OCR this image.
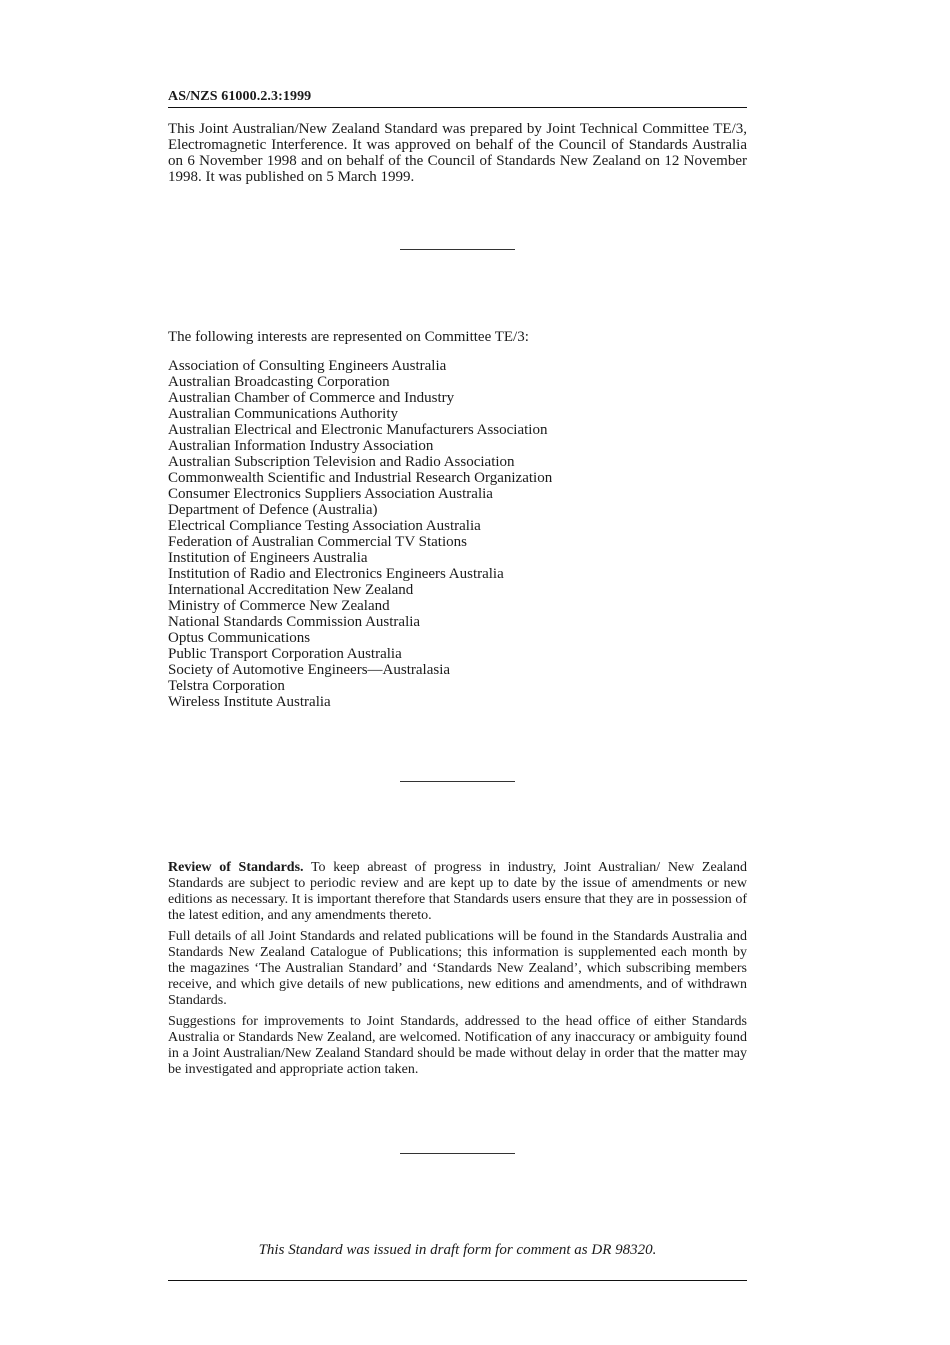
AS/NZS 61000.2.3:1999

This Joint Australian/New Zealand Standard was prepared by Joint Technical Committee TE/3, Electromagnetic Interference. It was approved on behalf of the Council of Standards Australia on 6 November 1998 and on behalf of the Council of Standards New Zealand on 12 November 1998. It was published on 5 March 1999.

The following interests are represented on Committee TE/3:

Association of Consulting Engineers Australia
Australian Broadcasting Corporation
Australian Chamber of Commerce and Industry
Australian Communications Authority
Australian Electrical and Electronic Manufacturers Association
Australian Information Industry Association
Australian Subscription Television and Radio Association
Commonwealth Scientific and Industrial Research Organization
Consumer Electronics Suppliers Association Australia
Department of Defence (Australia)
Electrical Compliance Testing Association Australia
Federation of Australian Commercial TV Stations
Institution of Engineers Australia
Institution of Radio and Electronics Engineers Australia
International Accreditation New Zealand
Ministry of Commerce New Zealand
National Standards Commission Australia
Optus Communications
Public Transport Corporation Australia
Society of Automotive Engineers—Australasia
Telstra Corporation
Wireless Institute Australia

Review of Standards. To keep abreast of progress in industry, Joint Australian/ New Zealand Standards are subject to periodic review and are kept up to date by the issue of amendments or new editions as necessary. It is important therefore that Standards users ensure that they are in possession of the latest edition, and any amendments thereto.

Full details of all Joint Standards and related publications will be found in the Standards Australia and Standards New Zealand Catalogue of Publications; this information is supplemented each month by the magazines ‘The Australian Standard’ and ‘Standards New Zealand’, which subscribing members receive, and which give details of new publications, new editions and amendments, and of withdrawn Standards.

Suggestions for improvements to Joint Standards, addressed to the head office of either Standards Australia or Standards New Zealand, are welcomed. Notification of any inaccuracy or ambiguity found in a Joint Australian/New Zealand Standard should be made without delay in order that the matter may be investigated and appropriate action taken.

This Standard was issued in draft form for comment as DR 98320.
